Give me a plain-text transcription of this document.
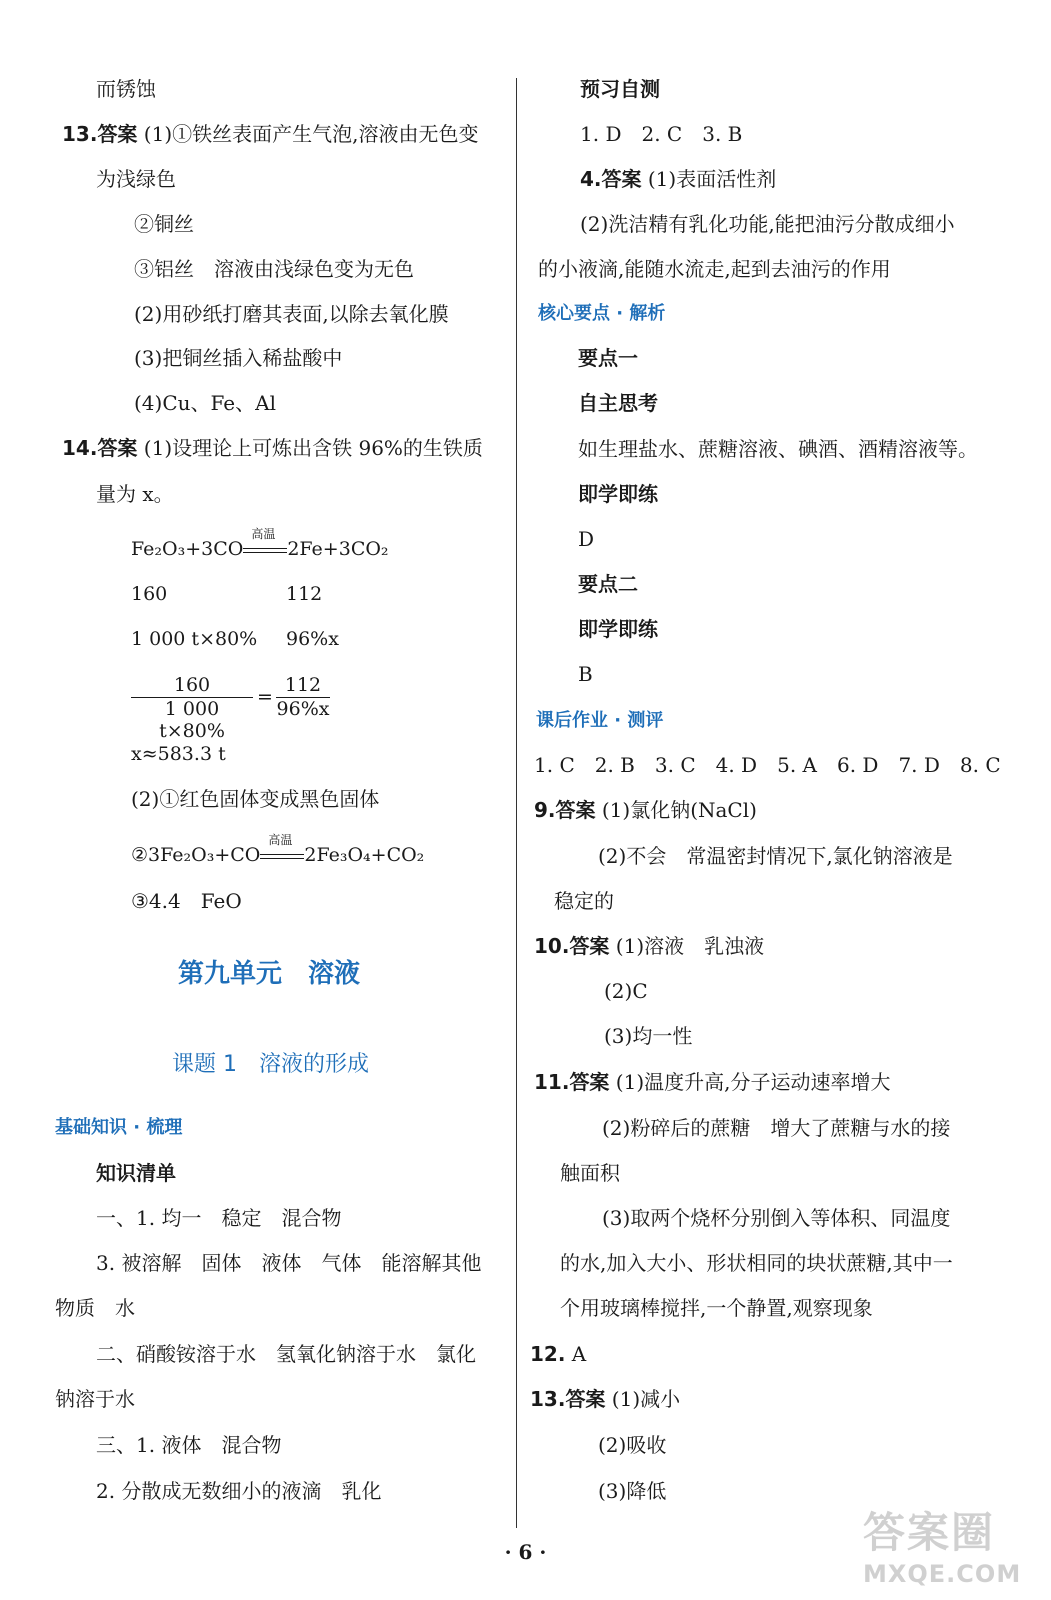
而锈蚀
13.答案 (1)①铁丝表面产生气泡,溶液由无色变
为浅绿色
②铜丝
③铝丝　溶液由浅绿色变为无色
(2)用砂纸打磨其表面,以除去氧化膜
(3)把铜丝插入稀盐酸中
(4)Cu、Fe、Al
14.答案 (1)设理论上可炼出含铁 96%的生铁质
量为 x。
Fe₂O₃+3CO
高温
2Fe+3CO₂
160	112
1 000 t×80% 96%x
160
1 000 t×80%
=
112
96%x
x≈583.3 t
(2)①红色固体变成黑色固体
②3Fe₂O₃+CO
高温
2Fe₃O₄+CO₂
③4.4　FeO
第九单元　溶液
课题 1　溶液的形成
基础知识 · 梳理
知识清单
一、1. 均一　稳定　混合物
3. 被溶解　固体　液体　气体　能溶解其他
物质　水
二、硝酸铵溶于水　氢氧化钠溶于水　氯化
钠溶于水
三、1. 液体　混合物
2. 分散成无数细小的液滴　乳化
预习自测
1. D　2. C　3. B
4.答案 (1)表面活性剂
(2)洗洁精有乳化功能,能把油污分散成细小
的小液滴,能随水流走,起到去油污的作用
核心要点 · 解析
要点一
自主思考
如生理盐水、蔗糖溶液、碘酒、酒精溶液等。
即学即练
D
要点二
即学即练
B
课后作业 · 测评
1. C　2. B　3. C　4. D　5. A　6. D　7. D　8. C
9.答案 (1)氯化钠(NaCl)
(2)不会　常温密封情况下,氯化钠溶液是
稳定的
10.答案 (1)溶液　乳浊液
(2)C
(3)均一性
11.答案 (1)温度升高,分子运动速率增大
(2)粉碎后的蔗糖　增大了蔗糖与水的接
触面积
(3)取两个烧杯分别倒入等体积、同温度
的水,加入大小、形状相同的块状蔗糖,其中一
个用玻璃棒搅拌,一个静置,观察现象
12. A
13.答案 (1)减小
(2)吸收
(3)降低
· 6 ·	答案圈
MXQE.COM
